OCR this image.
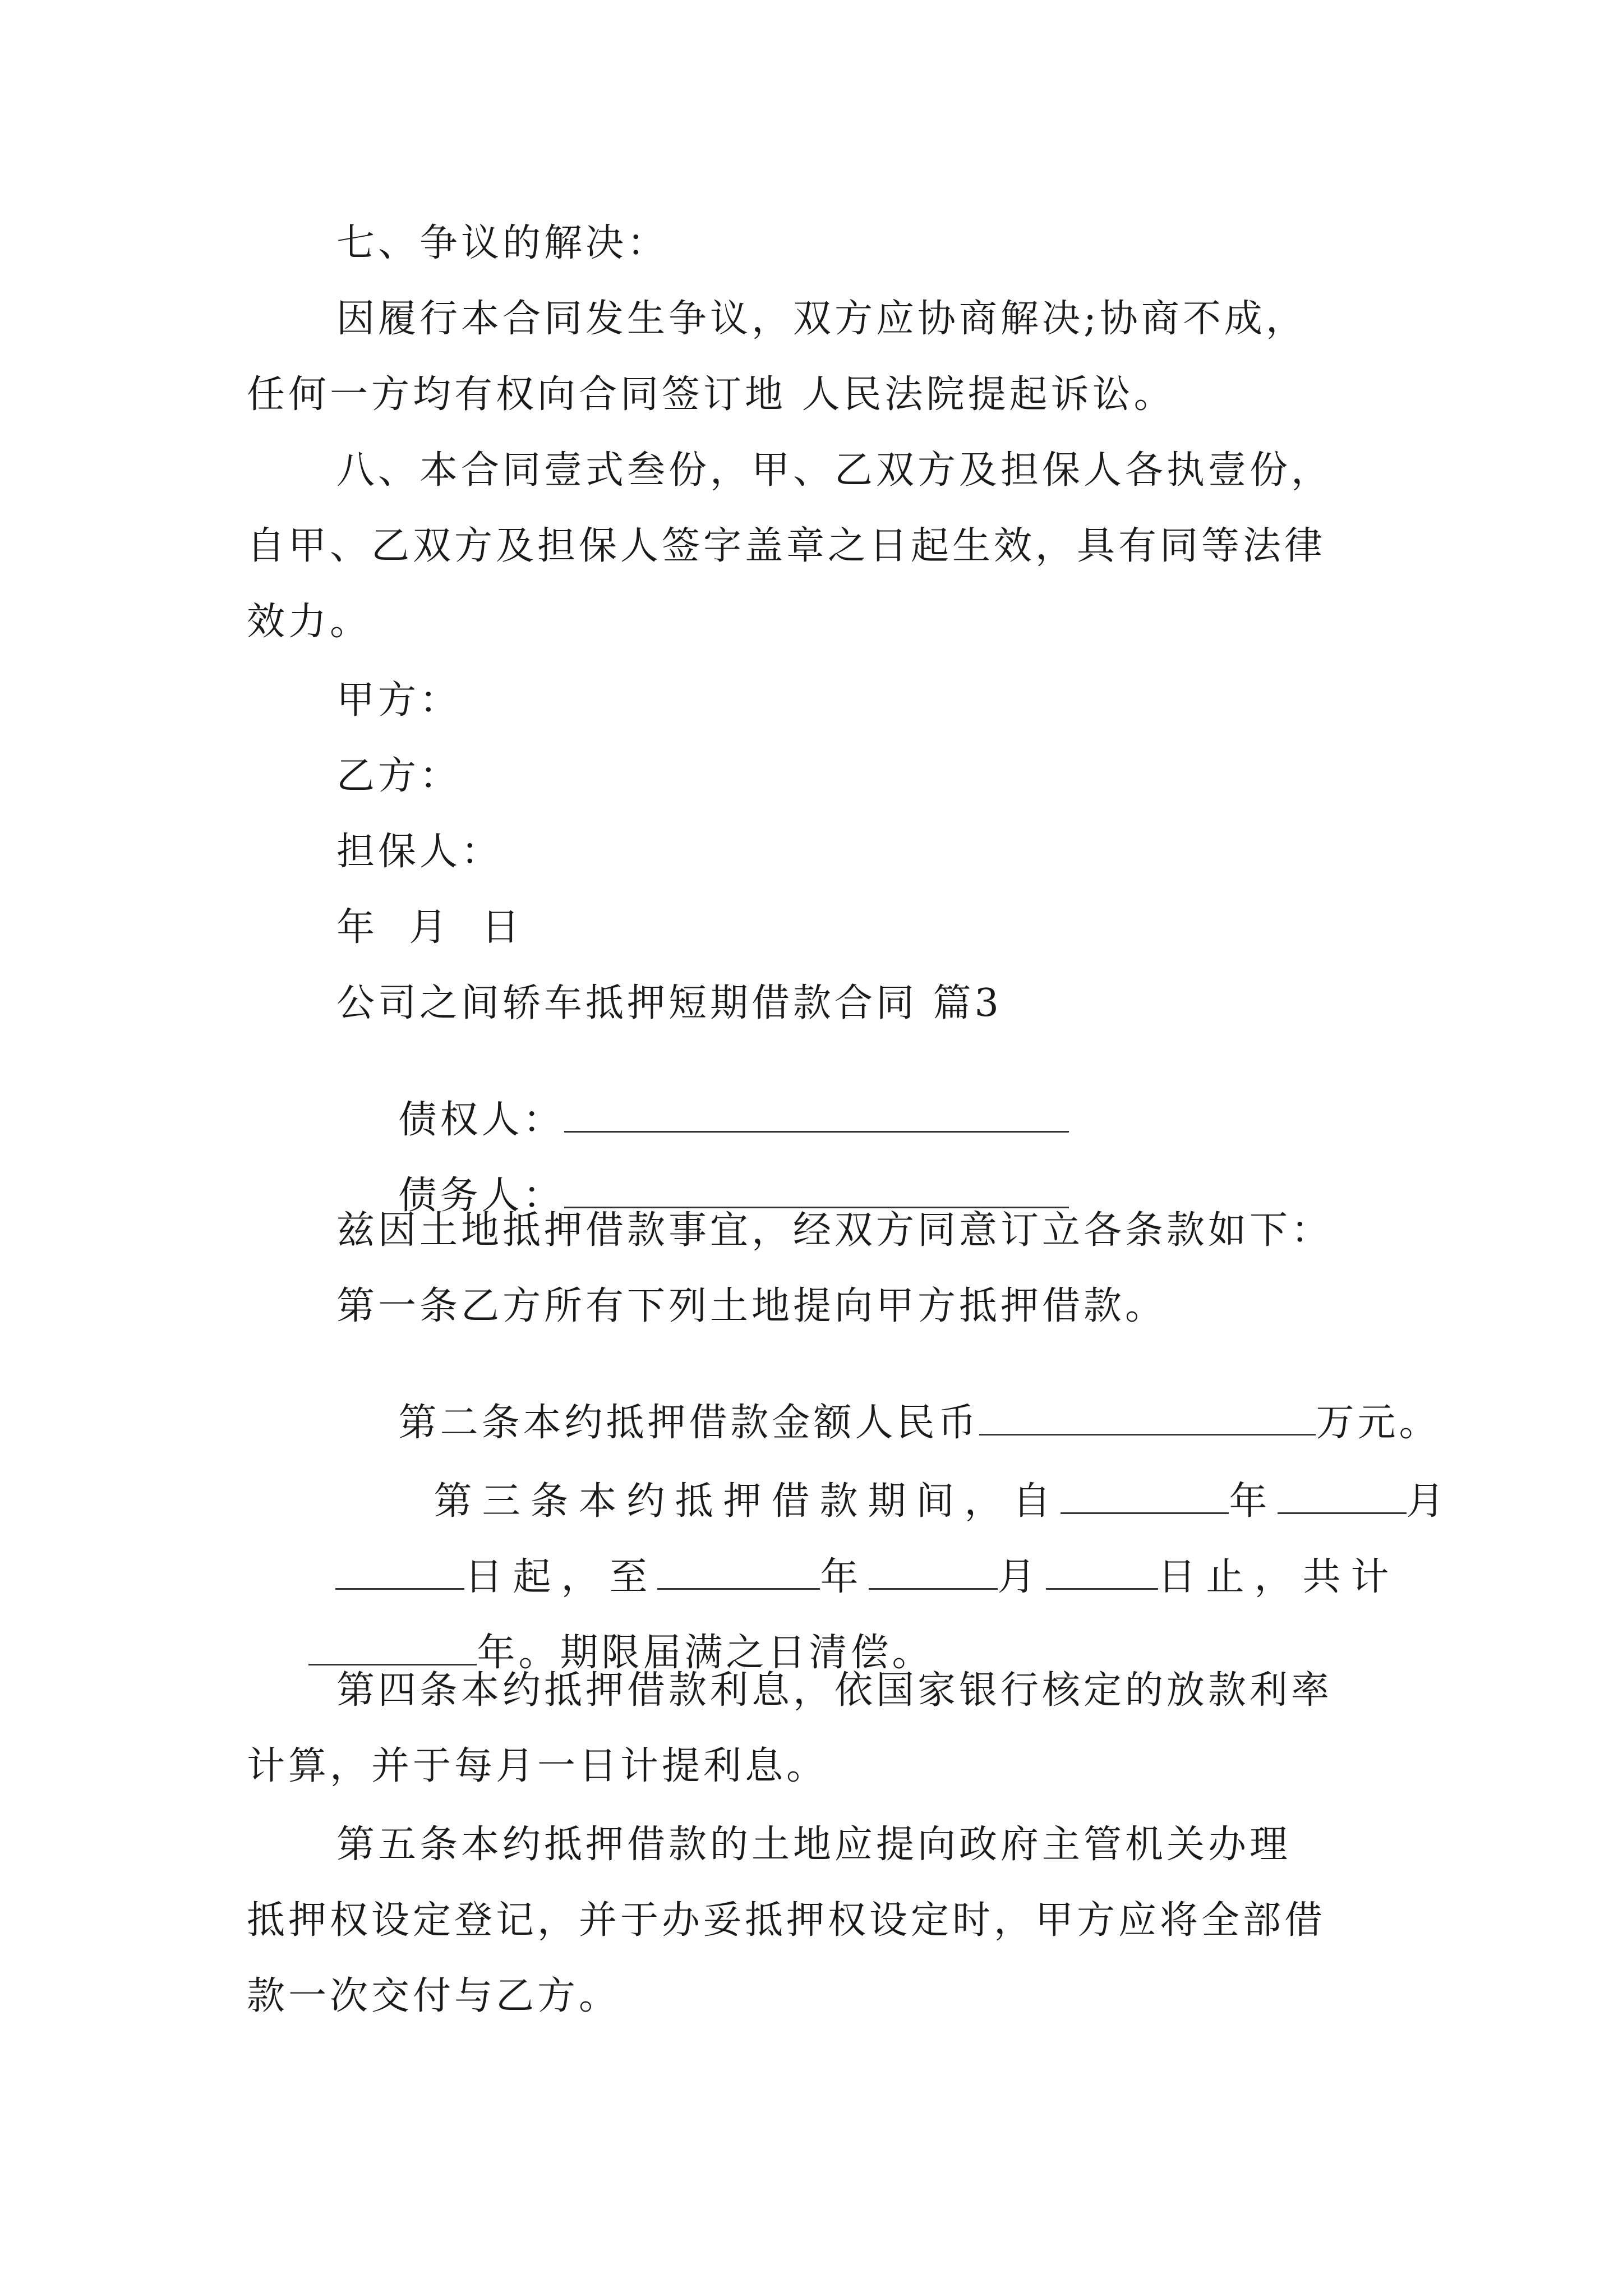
七、争议的解决：
因履行本合同发生争议，双方应协商解决;协商不成，
任何一方均有权向合同签订地 人民法院提起诉讼。
八、本合同壹式叁份，甲、乙双方及担保人各执壹份，
自甲、乙双方及担保人签字盖章之日起生效，具有同等法律
效力。
甲方：
乙方：
担保人：
年  月  日
公司之间轿车抵押短期借款合同 篇3

债权人：

债务人：

兹因土地抵押借款事宜，经双方同意订立各条款如下：
第一条乙方所有下列土地提向甲方抵押借款。

第二条本约抵押借款金额人民币	万元。

第三条本约抵押借款期间，自	年	月

日起，至	年	月	日止，共计

年。期限届满之日清偿。

第四条本约抵押借款利息，依国家银行核定的放款利率
计算，并于每月一日计提利息。
第五条本约抵押借款的土地应提向政府主管机关办理
抵押权设定登记，并于办妥抵押权设定时，甲方应将全部借
款一次交付与乙方。
